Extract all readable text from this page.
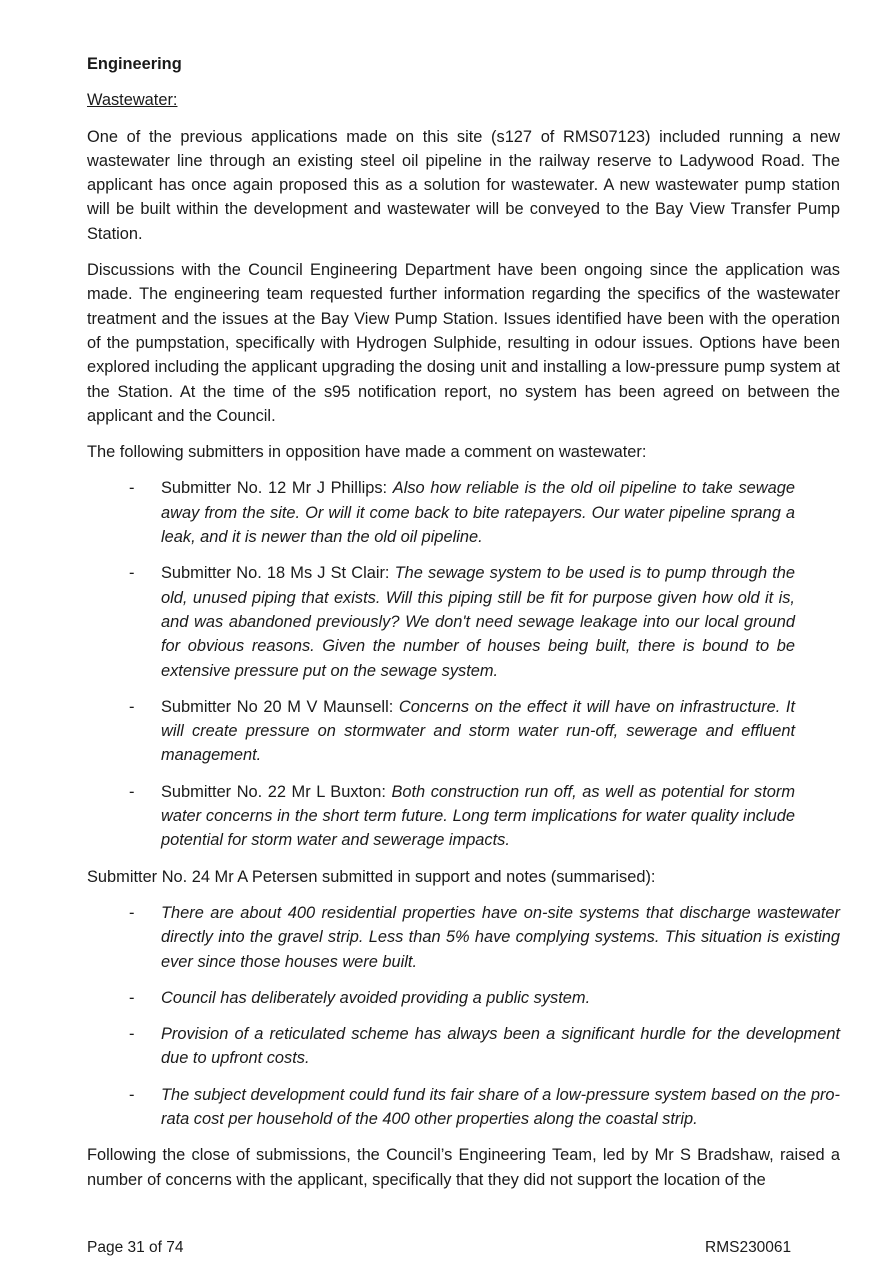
Engineering
Wastewater:

One of the previous applications made on this site (s127 of RMS07123) included running a new wastewater line through an existing steel oil pipeline in the railway reserve to Ladywood Road. The applicant has once again proposed this as a solution for wastewater. A new wastewater pump station will be built within the development and wastewater will be conveyed to the Bay View Transfer Pump Station.

Discussions with the Council Engineering Department have been ongoing since the application was made. The engineering team requested further information regarding the specifics of the wastewater treatment and the issues at the Bay View Pump Station. Issues identified have been with the operation of the pumpstation, specifically with Hydrogen Sulphide, resulting in odour issues. Options have been explored including the applicant upgrading the dosing unit and installing a low-pressure pump system at the Station. At the time of the s95 notification report, no system has been agreed on between the applicant and the Council.

The following submitters in opposition have made a comment on wastewater:
- Submitter No. 12 Mr J Phillips: Also how reliable is the old oil pipeline to take sewage away from the site. Or will it come back to bite ratepayers. Our water pipeline sprang a leak, and it is newer than the old oil pipeline.
- Submitter No. 18 Ms J St Clair: The sewage system to be used is to pump through the old, unused piping that exists. Will this piping still be fit for purpose given how old it is, and was abandoned previously? We don't need sewage leakage into our local ground for obvious reasons. Given the number of houses being built, there is bound to be extensive pressure put on the sewage system.
- Submitter No 20 M V Maunsell: Concerns on the effect it will have on infrastructure. It will create pressure on stormwater and storm water run-off, sewerage and effluent management.
- Submitter No. 22 Mr L Buxton: Both construction run off, as well as potential for storm water concerns in the short term future. Long term implications for water quality include potential for storm water and sewerage impacts.
Submitter No. 24 Mr A Petersen submitted in support and notes (summarised):
- There are about 400 residential properties have on-site systems that discharge wastewater directly into the gravel strip. Less than 5% have complying systems. This situation is existing ever since those houses were built.
- Council has deliberately avoided providing a public system.
- Provision of a reticulated scheme has always been a significant hurdle for the development due to upfront costs.
- The subject development could fund its fair share of a low-pressure system based on the pro-rata cost per household of the 400 other properties along the coastal strip.

Following the close of submissions, the Council’s Engineering Team, led by Mr S Bradshaw, raised a number of concerns with the applicant, specifically that they did not support the location of the

Page 31 of 74	RMS230061
